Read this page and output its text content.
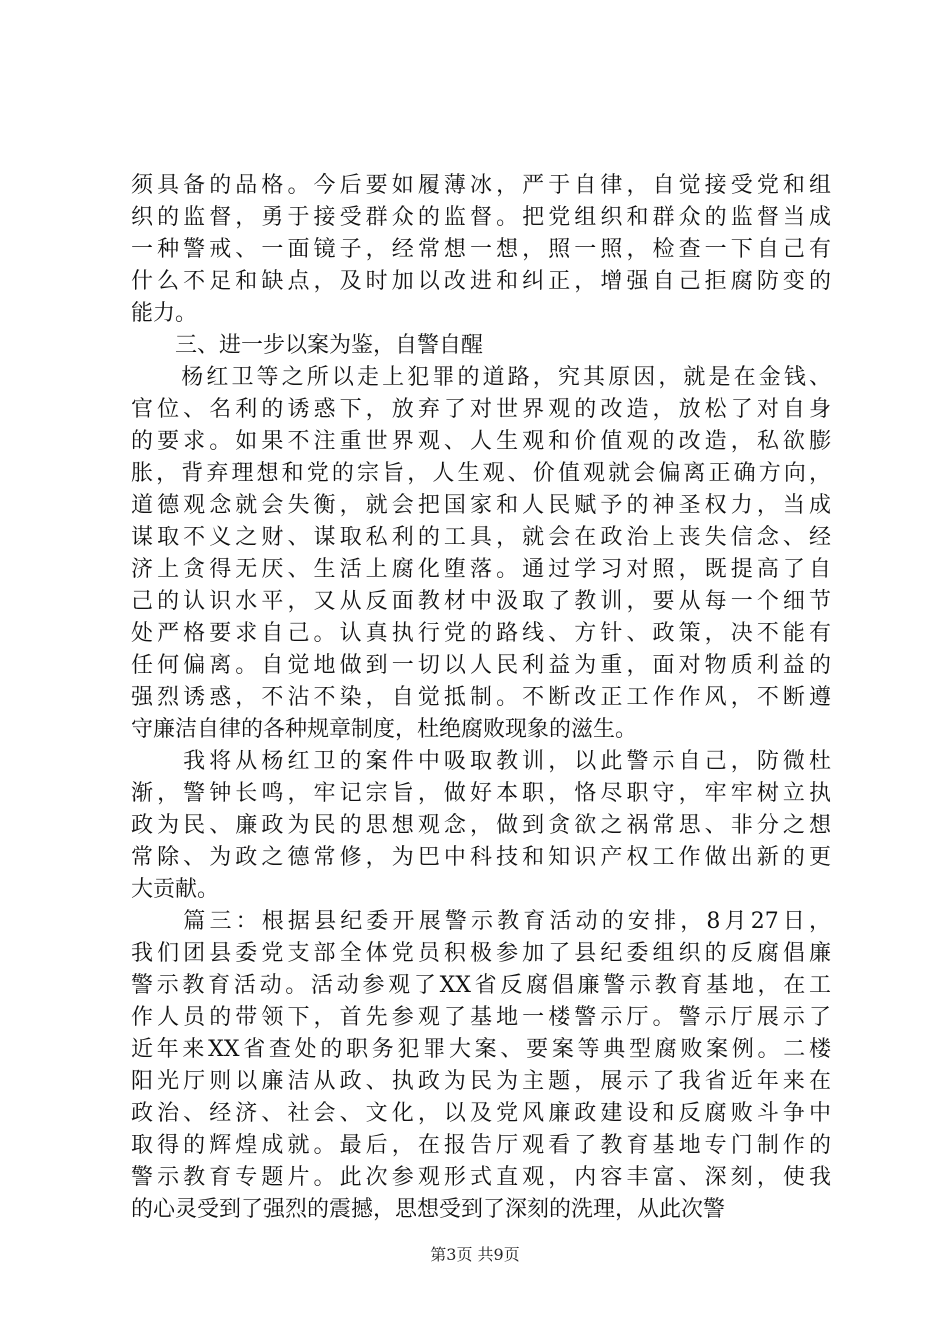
须具备的品格。今后要如履薄冰，严于自律，自觉接受党和组
织的监督，勇于接受群众的监督。把党组织和群众的监督当成
一种警戒、一面镜子，经常想一想，照一照，检查一下自己有
什么不足和缺点，及时加以改进和纠正，增强自己拒腐防变的
能力。
　　三、进一步以案为鉴，自警自醒
　　杨红卫等之所以走上犯罪的道路，究其原因，就是在金钱、
官位、名利的诱惑下，放弃了对世界观的改造，放松了对自身
的要求。如果不注重世界观、人生观和价值观的改造，私欲膨
胀，背弃理想和党的宗旨，人生观、价值观就会偏离正确方向，
道德观念就会失衡，就会把国家和人民赋予的神圣权力，当成
谋取不义之财、谋取私利的工具，就会在政治上丧失信念、经
济上贪得无厌、生活上腐化堕落。通过学习对照，既提高了自
己的认识水平，又从反面教材中汲取了教训，要从每一个细节
处严格要求自己。认真执行党的路线、方针、政策，决不能有
任何偏离。自觉地做到一切以人民利益为重，面对物质利益的
强烈诱惑，不沾不染，自觉抵制。不断改正工作作风，不断遵
守廉洁自律的各种规章制度，杜绝腐败现象的滋生。
　　我将从杨红卫的案件中吸取教训，以此警示自己，防微杜
渐，警钟长鸣，牢记宗旨，做好本职，恪尽职守，牢牢树立执
政为民、廉政为民的思想观念，做到贪欲之祸常思、非分之想
常除、为政之德常修，为巴中科技和知识产权工作做出新的更
大贡献。
　　篇三：根据县纪委开展警示教育活动的安排，8月27日，
我们团县委党支部全体党员积极参加了县纪委组织的反腐倡廉
警示教育活动。活动参观了XX省反腐倡廉警示教育基地，在工
作人员的带领下，首先参观了基地一楼警示厅。警示厅展示了
近年来XX省查处的职务犯罪大案、要案等典型腐败案例。二楼
阳光厅则以廉洁从政、执政为民为主题，展示了我省近年来在
政治、经济、社会、文化，以及党风廉政建设和反腐败斗争中
取得的辉煌成就。最后，在报告厅观看了教育基地专门制作的
警示教育专题片。此次参观形式直观，内容丰富、深刻，使我
的心灵受到了强烈的震撼，思想受到了深刻的洗理，从此次警
第3页 共9页
